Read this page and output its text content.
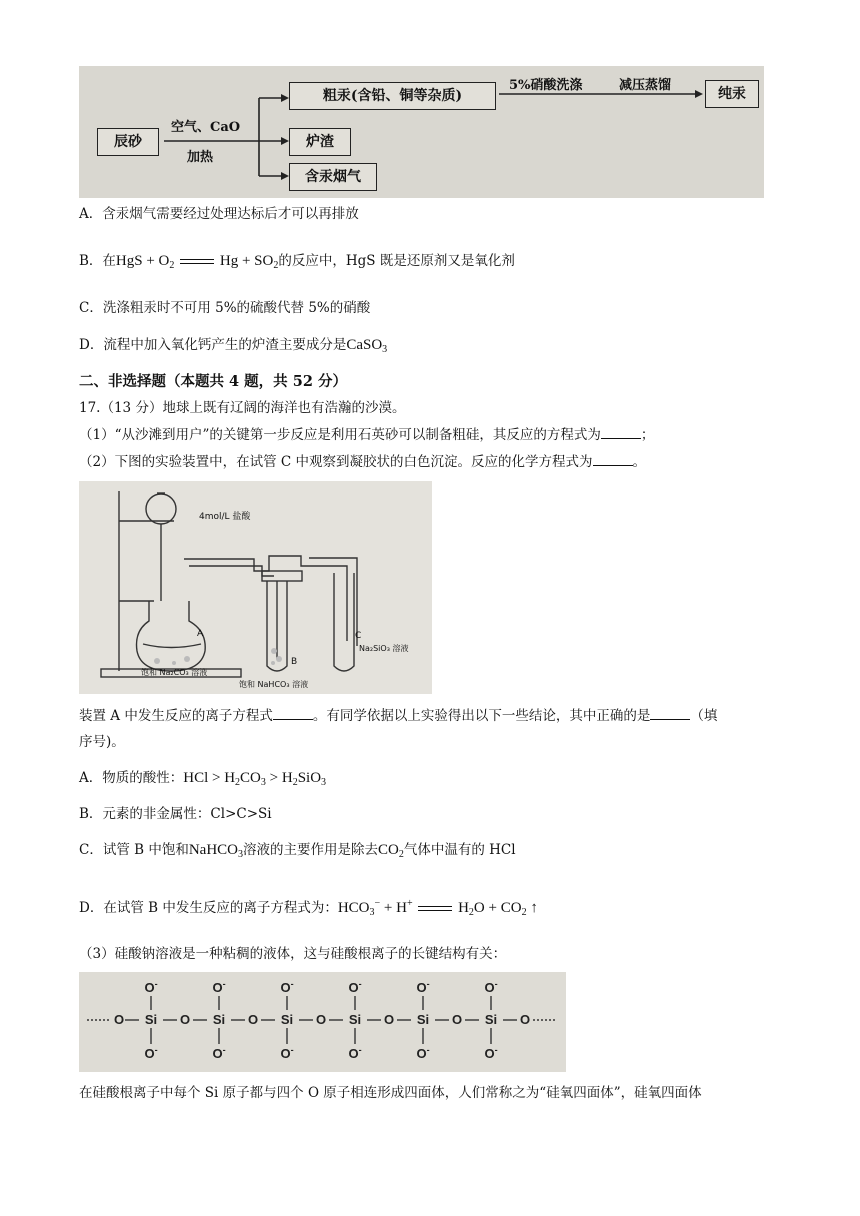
辰砂
空气、CaO
加热
粗汞(含铅、铜等杂质)
炉渣
含汞烟气
5%硝酸洗涤	减压蒸馏
纯汞
A．含汞烟气需要经过处理达标后才可以再排放
B．在HgS + $O_2$	$Hg + SO_2$的反应中，HgS 既是还原剂又是氧化剂
C．洗涤粗汞时不可用 5%的硫酸代替 5%的硝酸
D．流程中加入氧化钙产生的炉渣主要成分是CaSO$_3$
二、非选择题（本题共 4 题，共 52 分）
17.（13 分）地球上既有辽阔的海洋也有浩瀚的沙漠。
（1）“从沙滩到用户”的关键第一步反应是利用石英砂可以制备粗硅，其反应的方程式为	；
（2）下图的实验装置中，在试管 C 中观察到凝胶状的白色沉淀。反应的化学方程式为	。
4mol/L 盐酸
A
B
C
Na₂SiO₃ 溶液
饱和 Na₂CO₃ 溶液
饱和 NaHCO₃ 溶液
装置 A 中发生反应的离子方程式	。有同学依据以上实验得出以下一些结论，其中正确的是	（填
序号)。
A．物质的酸性：HCl > $H_2CO_3 > H_2SiO_3$
B．元素的非金属性：Cl>C>Si
C．试管 B 中饱和NaHCO$_3$溶液的主要作用是除去$CO_2$气体中温有的 HCl
D．在试管 B 中发生反应的离子方程式为：$HCO_3^- + H^+$	$H_2O + CO_2$ ↑
（3）硅酸钠溶液是一种粘稠的液体，这与硅酸根离子的长键结构有关：
O Si O
O-
O-
Si O
O-
O-
Si O
O-
O-
Si O
O-
O-
Si O
O-
O-
Si O
O-
O-
在硅酸根离子中每个 Si 原子都与四个 O 原子相连形成四面体，人们常称之为“硅氧四面体”，硅氧四面体
